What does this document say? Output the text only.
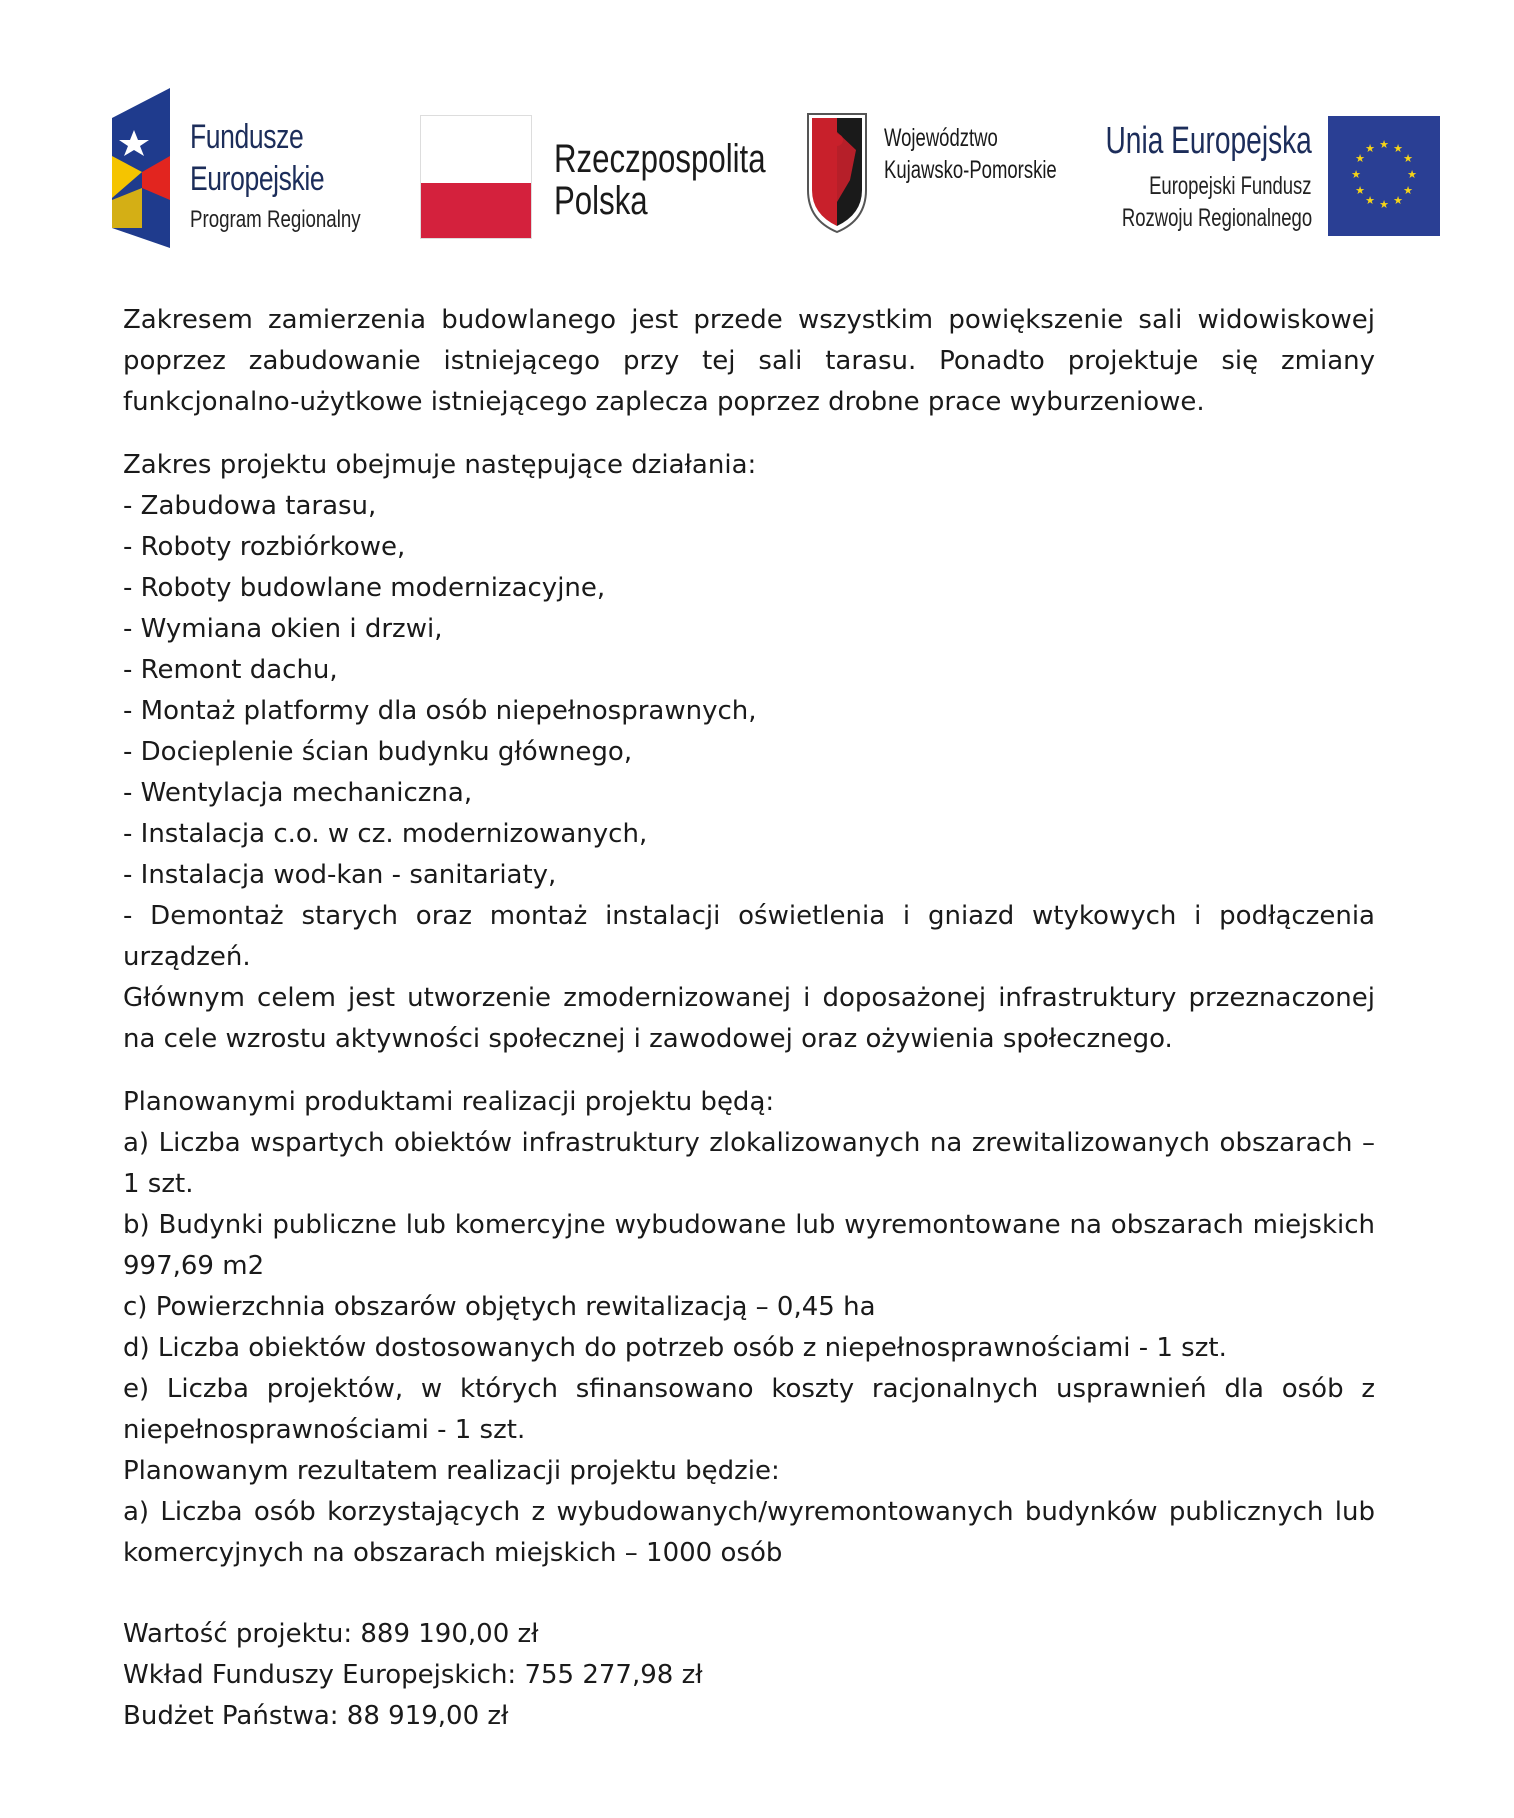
Fundusze
Europejskie
Program Regionalny
Rzeczpospolita
Polska
Województwo
Kujawsko-Pomorskie
Unia Europejska
Europejski Fundusz
Rozwoju Regionalnego
★ ★
★
★
★
★
★
★
★
★
★
★

Zakresem zamierzenia budowlanego jest przede wszystkim powiększenie sali widowiskowej poprzez zabudowanie istniejącego przy tej sali tarasu. Ponadto projektuje się zmiany funkcjonalno-użytkowe istniejącego zaplecza poprzez drobne prace wyburzeniowe.

Zakres projektu obejmuje następujące działania:

- Zabudowa tarasu,

- Roboty rozbiórkowe,

- Roboty budowlane modernizacyjne,

- Wymiana okien i drzwi,

- Remont dachu,

- Montaż platformy dla osób niepełnosprawnych,

- Docieplenie ścian budynku głównego,

- Wentylacja mechaniczna,

- Instalacja c.o. w cz. modernizowanych,

- Instalacja wod-kan - sanitariaty,

- Demontaż starych oraz montaż instalacji oświetlenia i gniazd wtykowych i podłączenia urządzeń.

Głównym celem jest utworzenie zmodernizowanej i doposażonej infrastruktury przeznaczonej na cele wzrostu aktywności społecznej i zawodowej oraz ożywienia społecznego.

Planowanymi produktami realizacji projektu będą:

a) Liczba wspartych obiektów infrastruktury zlokalizowanych na zrewitalizowanych obszarach – 1 szt.

b) Budynki publiczne lub komercyjne wybudowane lub wyremontowane na obszarach miejskich 997,69 m2

c) Powierzchnia obszarów objętych rewitalizacją – 0,45 ha

d) Liczba obiektów dostosowanych do potrzeb osób z niepełnosprawnościami - 1 szt.

e) Liczba projektów, w których sfinansowano koszty racjonalnych usprawnień dla osób z niepełnosprawnościami - 1 szt.

Planowanym rezultatem realizacji projektu będzie:

a) Liczba osób korzystających z wybudowanych/wyremontowanych budynków publicznych lub komercyjnych na obszarach miejskich – 1000 osób

Wartość projektu: 889 190,00 zł

Wkład Funduszy Europejskich: 755 277,98 zł

Budżet Państwa: 88 919,00 zł
